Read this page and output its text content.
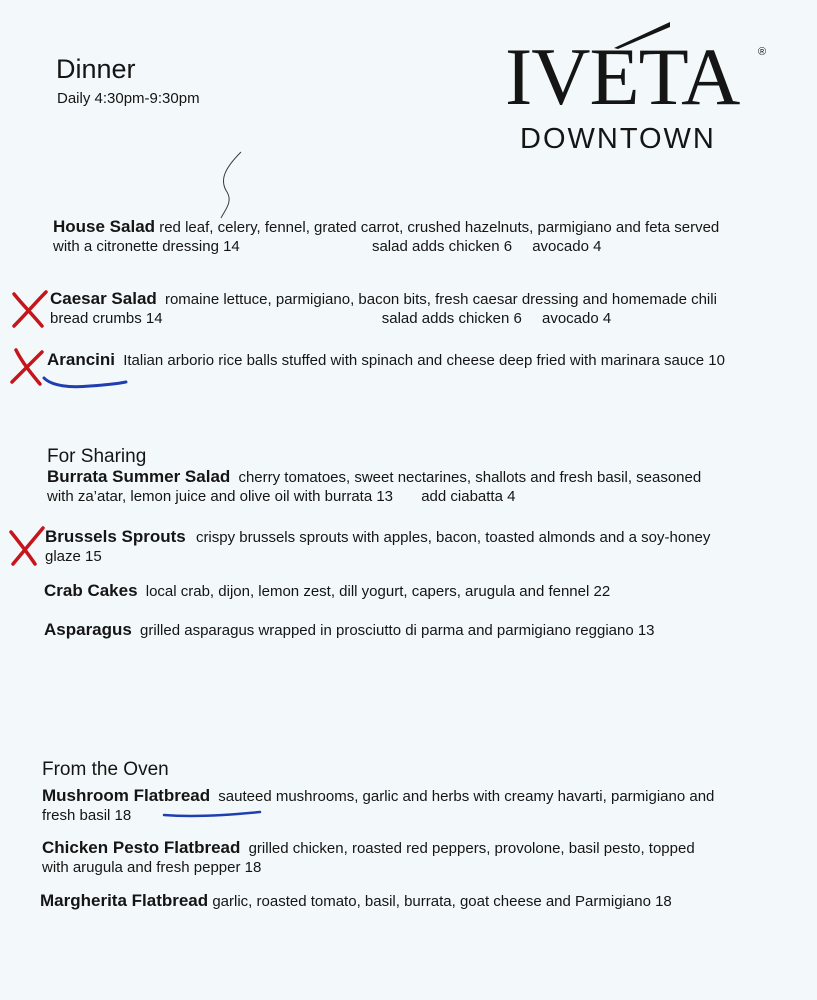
Dinner
Daily 4:30pm-9:30pm	IVETA ®
DOWNTOWN
House Salad red leaf, celery, fennel, grated carrot, crushed hazelnuts, parmigiano and feta served
with a citronette dressing 14	salad adds chicken 6 avocado 4
Caesar Salad romaine lettuce, parmigiano, bacon bits, fresh caesar dressing and homemade chili
bread crumbs 14	salad adds chicken 6 avocado 4
Arancini Italian arborio rice balls stuffed with spinach and cheese deep fried with marinara sauce 10
For Sharing
Burrata Summer Salad cherry tomatoes, sweet nectarines, shallots and fresh basil, seasoned
with za’atar, lemon juice and olive oil with burrata 13 add ciabatta 4
Brussels Sprouts crispy brussels sprouts with apples, bacon, toasted almonds and a soy-honey
glaze 15
Crab Cakes local crab, dijon, lemon zest, dill yogurt, capers, arugula and fennel 22
Asparagus grilled asparagus wrapped in prosciutto di parma and parmigiano reggiano 13
From the Oven
Mushroom Flatbread sauteed mushrooms, garlic and herbs with creamy havarti, parmigiano and
fresh basil 18
Chicken Pesto Flatbread grilled chicken, roasted red peppers, provolone, basil pesto, topped
with arugula and fresh pepper 18
Margherita Flatbread garlic, roasted tomato, basil, burrata, goat cheese and Parmigiano 18
